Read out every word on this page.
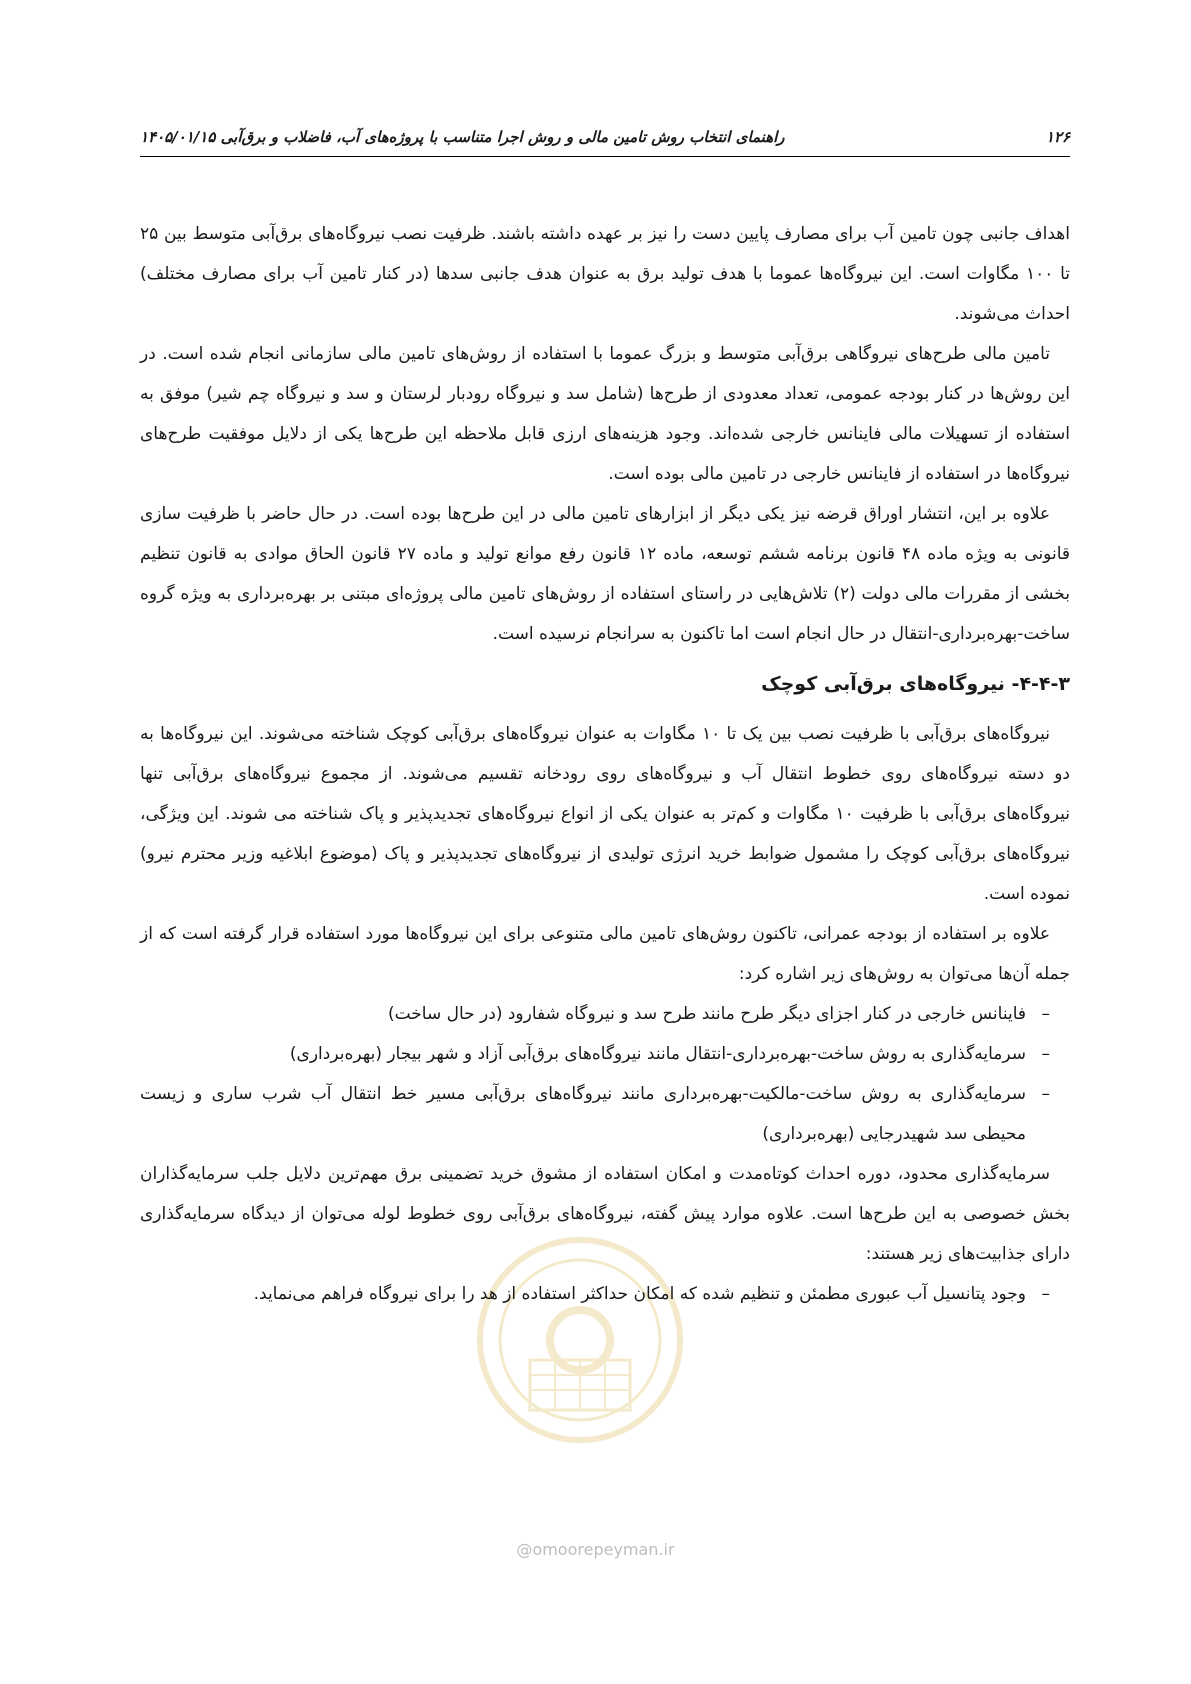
۱۲۶
راهنمای انتخاب روش تامین مالی و روش اجرا متناسب با پروژه‌های آب، فاضلاب و برق‌آبی ۱۴۰۵/۰۱/۱۵

اهداف جانبی چون تامین آب برای مصارف پایین دست را نیز بر عهده داشته باشند. ظرفیت نصب نیروگاه‌های برق‌آبی متوسط بین ۲۵ تا ۱۰۰ مگاوات است. این نیروگاه‌ها عموما با هدف تولید برق به عنوان هدف جانبی سدها (در کنار تامین آب برای مصارف مختلف) احداث می‌شوند.

تامین مالی طرح‌های نیروگاهی برق‌آبی متوسط و بزرگ عموما با استفاده از روش‌های تامین مالی سازمانی انجام شده است. در این روش‌ها در کنار بودجه عمومی، تعداد معدودی از طرح‌ها (شامل سد و نیروگاه رودبار لرستان و سد و نیروگاه چم شیر) موفق به استفاده از تسهیلات مالی فاینانس خارجی شده‌اند. وجود هزینه‌های ارزی قابل ملاحظه این طرح‌ها یکی از دلایل موفقیت طرح‌های نیروگاه‌ها در استفاده از فاینانس خارجی در تامین مالی بوده است.

علاوه بر این، انتشار اوراق قرضه نیز یکی دیگر از ابزارهای تامین مالی در این طرح‌ها بوده است. در حال حاضر با ظرفیت سازی قانونی به ویژه ماده ۴۸ قانون برنامه ششم توسعه، ماده ۱۲ قانون رفع موانع تولید و ماده ۲۷ قانون الحاق موادی به قانون تنظیم بخشی از مقررات مالی دولت (۲) تلاش‌هایی در راستای استفاده از روش‌های تامین مالی پروژه‌ای مبتنی بر بهره‌برداری به ویژه گروه ساخت-بهره‌برداری-انتقال در حال انجام است اما تاکنون به سرانجام نرسیده است.

۴-۴-۳- نیروگاه‌های برق‌آبی کوچک

نیروگاه‌های برق‌آبی با ظرفیت نصب بین یک تا ۱۰ مگاوات به عنوان نیروگاه‌های برق‌آبی کوچک شناخته می‌شوند. این نیروگاه‌ها به دو دسته نیروگاه‌های روی خطوط انتقال آب و نیروگاه‌های روی رودخانه تقسیم می‌شوند. از مجموع نیروگاه‌های برق‌آبی تنها نیروگاه‌های برق‌آبی با ظرفیت ۱۰ مگاوات و کم‌تر به عنوان یکی از انواع نیروگاه‌های تجدیدپذیر و پاک شناخته می شوند. این ویژگی، نیروگاه‌های برق‌آبی کوچک را مشمول ضوابط خرید انرژی تولیدی از نیروگاه‌های تجدیدپذیر و پاک (موضوع ابلاغیه وزیر محترم نیرو) نموده است.

علاوه بر استفاده از بودجه عمرانی، تاکنون روش‌های تامین مالی متنوعی برای این نیروگاه‌ها مورد استفاده قرار گرفته است که از جمله آن‌ها می‌توان به روش‌های زیر اشاره کرد:

–
فاینانس خارجی در کنار اجزای دیگر طرح مانند طرح سد و نیروگاه شفارود (در حال ساخت)
–
سرمایه‌گذاری به روش ساخت-بهره‌برداری-انتقال مانند نیروگاه‌های برق‌آبی آزاد و شهر بیجار (بهره‌برداری)
–
سرمایه‌گذاری به روش ساخت-مالکیت-بهره‌برداری مانند نیروگاه‌های برق‌آبی مسیر خط انتقال آب شرب ساری و زیست محیطی سد شهیدرجایی (بهره‌برداری)

سرمایه‌گذاری محدود، دوره احداث کوتاه‌مدت و امکان استفاده از مشوق خرید تضمینی برق مهم‌ترین دلایل جلب سرمایه‌گذاران بخش خصوصی به این طرح‌ها است. علاوه موارد پیش گفته، نیروگاه‌های برق‌آبی روی خطوط لوله می‌توان از دیدگاه سرمایه‌گذاری دارای جذابیت‌های زیر هستند:

–
وجود پتانسیل آب عبوری مطمئن و تنظیم شده که امکان حداکثر استفاده از هد را برای نیروگاه فراهم می‌نماید.
@omoorepeyman.ir
